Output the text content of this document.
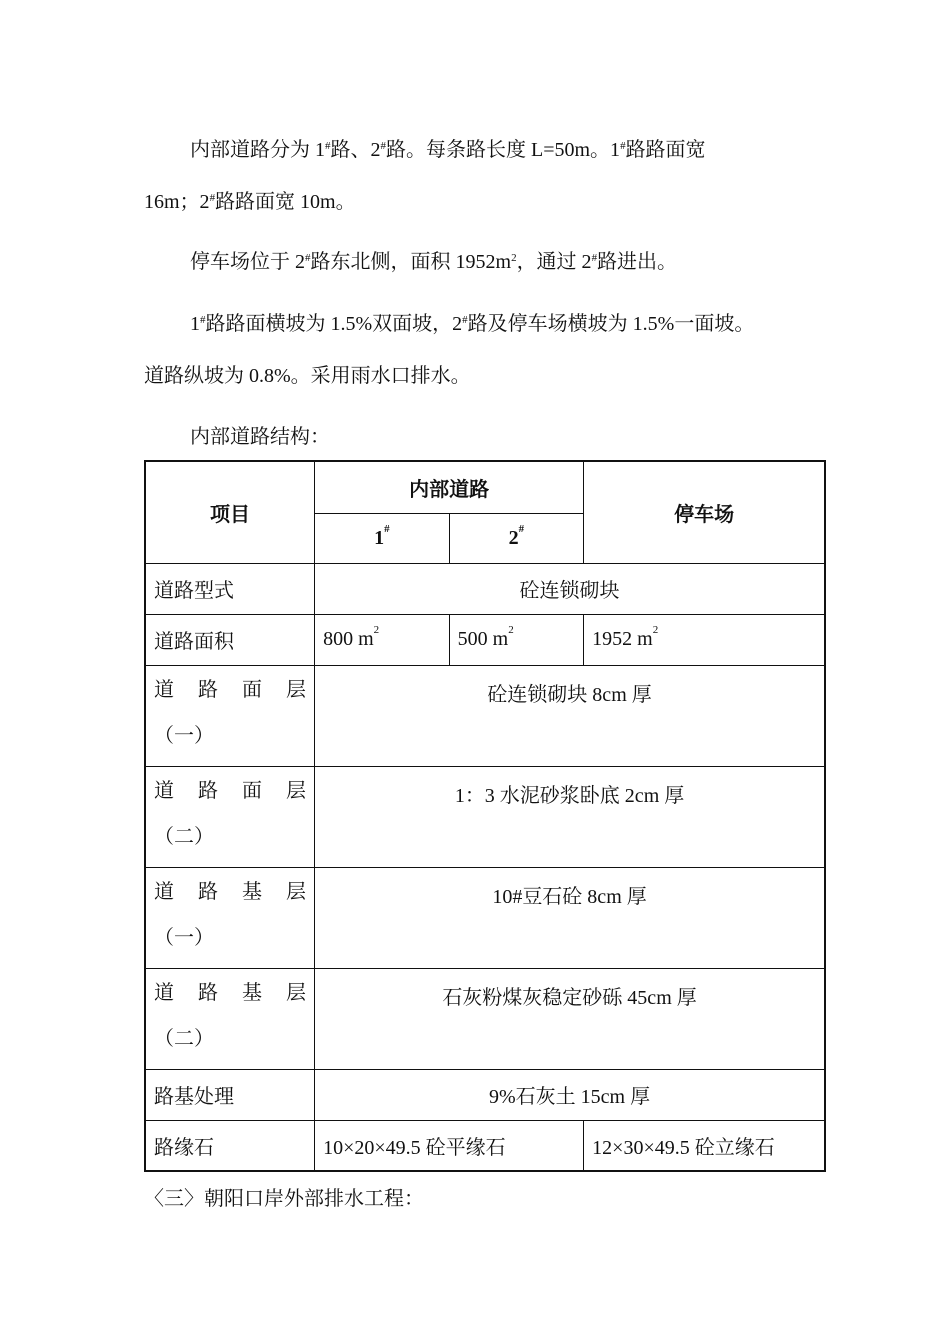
内部道路分为 1#路、2#路。每条路长度 L=50m。1#路路面宽
16m；2#路路面宽 10m。

停车场位于 2#路东北侧，面积 $1952m^2$，通过 2#路进出。

1#路路面横坡为 1.5%双面坡，2#路及停车场横坡为 1.5%一面坡。
道路纵坡为 0.8%。采用雨水口排水。

内部道路结构：

项目	内部道路		停车场
	1#	2#
道路型式	砼连锁砌块		
道路面积	800 $m^2$	500 $m^2$	1952 $m^2$

道 路 面 层
（一）	砼连锁砌块 8cm 厚		

道 路 面 层
（二）	1：3 水泥砂浆卧底 2cm 厚		

道 路 基 层
（一）	10#豆石砼 8cm 厚		

道 路 基 层
（二）	石灰粉煤灰稳定砂砾 45cm 厚		
路基处理	9%石灰土 15cm 厚		
路缘石	10×20×49.5 砼平缘石		12×30×49.5 砼立缘石

〈三〉朝阳口岸外部排水工程：
